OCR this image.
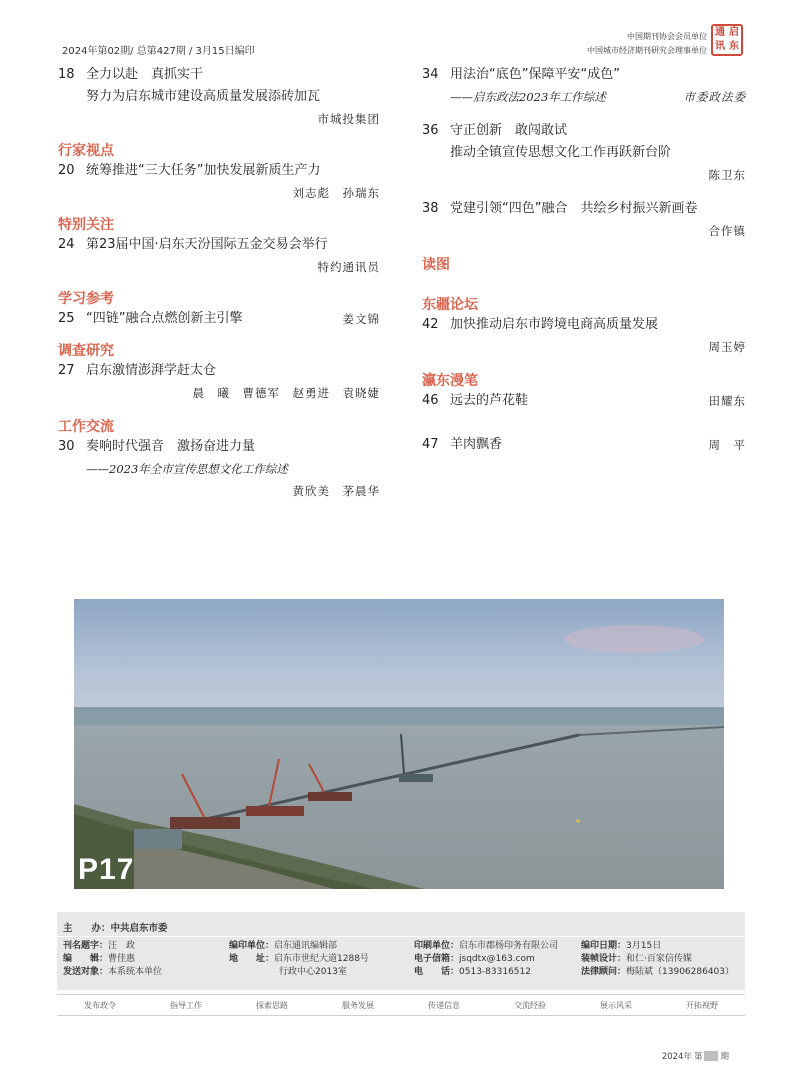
2024年第02期/ 总第427期 / 3月15日编印
中国期刊协会会员单位
中国城市经济期刊研究会理事单位
通 启
讯 东
18 全力以赴　真抓实干
努力为启东城市建设高质量发展添砖加瓦
市城投集团
行家视点
20 统筹推进“三大任务”加快发展新质生产力
刘志彪　孙瑞东
特别关注
24 第23届中国·启东天汾国际五金交易会举行
特约通讯员
学习参考
25 “四链”融合点燃创新主引擎	姜文锦
调查研究
27 启东激情澎湃学赶太仓
晨　曦　曹德军　赵勇进　袁晓婕
工作交流
30 奏响时代强音　激扬奋进力量
——2023年全市宣传思想文化工作综述
黄欣美　茅晨华
34 用法治“底色”保障平安“成色”
——启东政法2023年工作综述	市委政法委
36 守正创新　敢闯敢试
推动全镇宣传思想文化工作再跃新台阶
陈卫东
38 党建引领“四色”融合　共绘乡村振兴新画卷
合作镇
读图
东疆论坛
42 加快推动启东市跨境电商高质量发展
周玉婷
瀛东漫笔
46 远去的芦花鞋	田耀东
47 羊肉飘香	周　平
P17
主　　办：中共启东市委
刊名题字：汪　政
编　　辑：曹佳惠
发送对象：本系统本单位
编印单位：启东通讯编辑部
地　　址：启东市世纪大道1288号
行政中心2013室
印刷单位：启东市郡杨印务有限公司
电子信箱：jsqdtx@163.com
电　　话：0513-83316512
编印日期：3月15日
装帧设计：和仁·百家信传媒
法律顾问：梅陆斌（13906286403）
发布政令	指导工作	探索思路	服务发展	传递信息	交流经验	展示风采	开拓视野
2024年 第 期
